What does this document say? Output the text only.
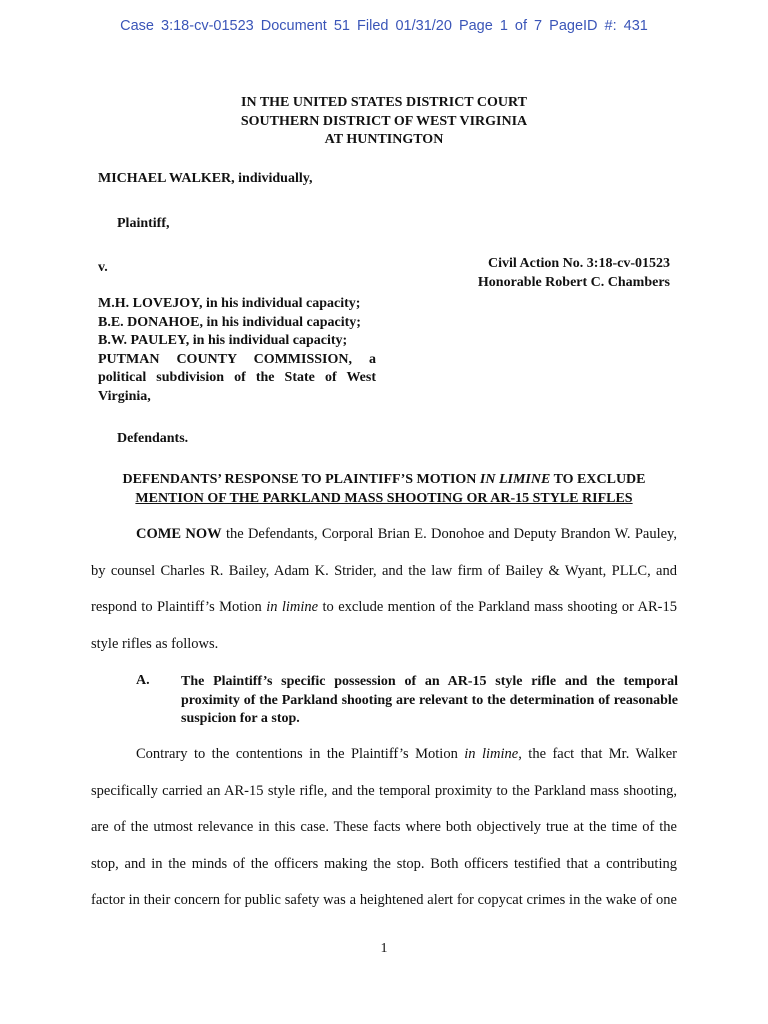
Case 3:18-cv-01523 Document 51 Filed 01/31/20 Page 1 of 7 PageID #: 431
IN THE UNITED STATES DISTRICT COURT
SOUTHERN DISTRICT OF WEST VIRGINIA
AT HUNTINGTON
MICHAEL WALKER, individually,
Plaintiff,
v.	Civil Action No. 3:18-cv-01523
Honorable Robert C. Chambers
M.H. LOVEJOY, in his individual capacity;
B.E. DONAHOE, in his individual capacity;
B.W. PAULEY, in his individual capacity;
PUTMAN COUNTY COMMISSION, a political subdivision of the State of West Virginia,
Defendants.
DEFENDANTS’ RESPONSE TO PLAINTIFF’S MOTION IN LIMINE TO EXCLUDE
MENTION OF THE PARKLAND MASS SHOOTING OR AR-15 STYLE RIFLES
COME NOW the Defendants, Corporal Brian E. Donohoe and Deputy Brandon W. Pauley,
by counsel Charles R. Bailey, Adam K. Strider, and the law firm of Bailey & Wyant, PLLC, and
respond to Plaintiff’s Motion in limine to exclude mention of the Parkland mass shooting or AR-15
style rifles as follows.
A. The Plaintiff’s specific possession of an AR-15 style rifle and the temporal proximity of the Parkland shooting are relevant to the determination of reasonable suspicion for a stop.
Contrary to the contentions in the Plaintiff’s Motion in limine, the fact that Mr. Walker
specifically carried an AR-15 style rifle, and the temporal proximity to the Parkland mass shooting,
are of the utmost relevance in this case. These facts where both objectively true at the time of the
stop, and in the minds of the officers making the stop. Both officers testified that a contributing
factor in their concern for public safety was a heightened alert for copycat crimes in the wake of one
1
